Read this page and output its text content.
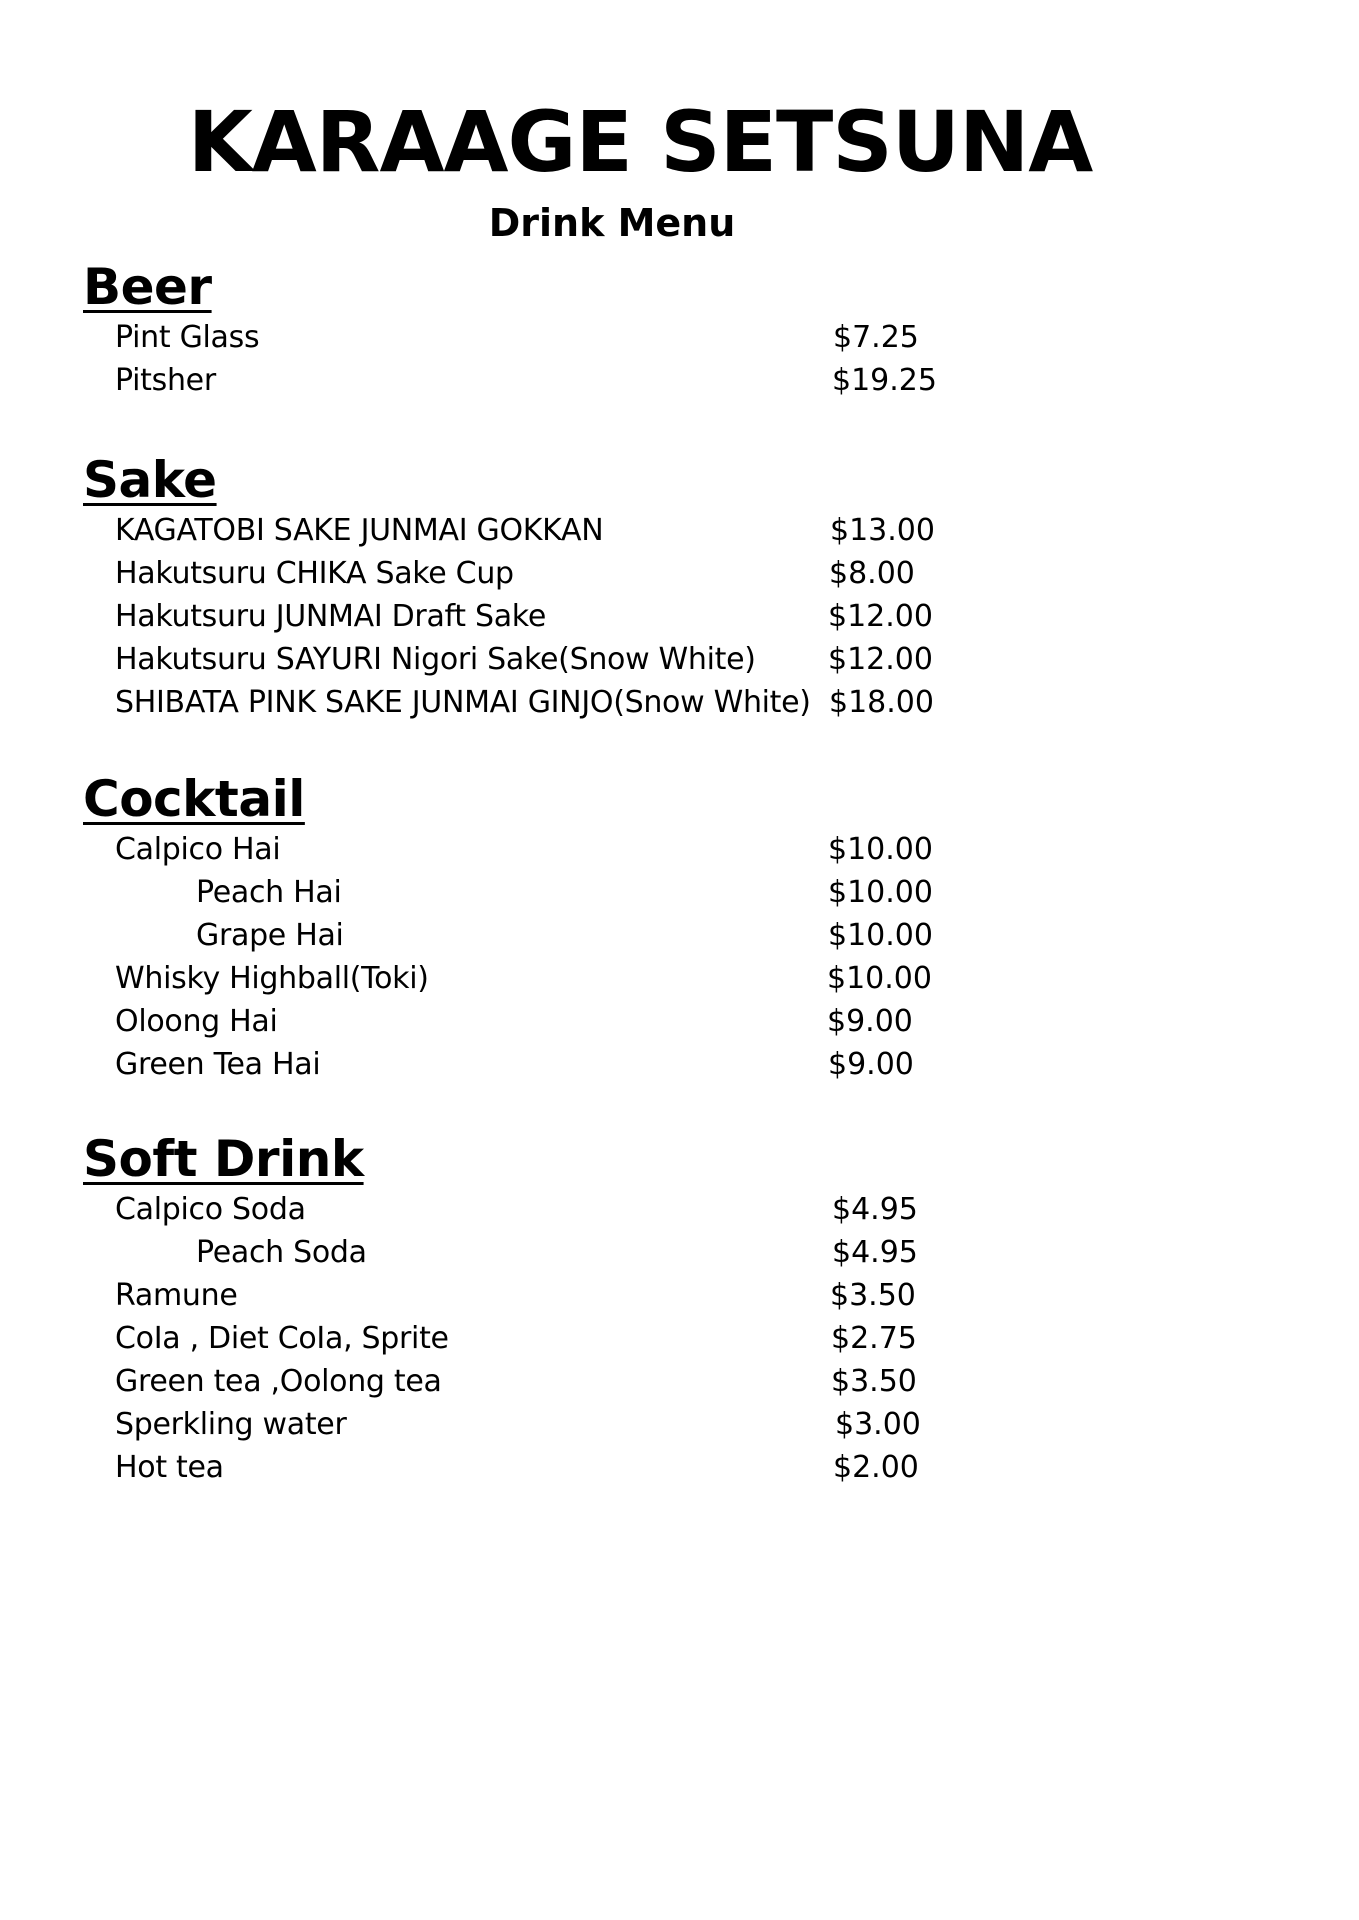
KARAAGE SETSUNA
Drink Menu
Beer
Pint Glass	$7.25
Pitsher	$19.25
Sake
KAGATOBI SAKE JUNMAI GOKKAN	$13.00
Hakutsuru CHIKA Sake Cup	$8.00
Hakutsuru JUNMAI Draft Sake	$12.00
Hakutsuru SAYURI Nigori Sake(Snow White) $12.00
SHIBATA PINK SAKE JUNMAI GINJO(Snow White) $18.00
Cocktail
Calpico Hai	$10.00
Peach Hai	$10.00
Grape Hai	$10.00
Whisky Highball(Toki)	$10.00
Oloong Hai	$9.00
Green Tea Hai	$9.00
Soft Drink
Calpico Soda	$4.95
Peach Soda	$4.95
Ramune	$3.50
CoIa , Diet CoIa, Sprite	$2.75
Green tea ,Oolong tea	$3.50
Sperkling water	$3.00
Hot tea	$2.00
